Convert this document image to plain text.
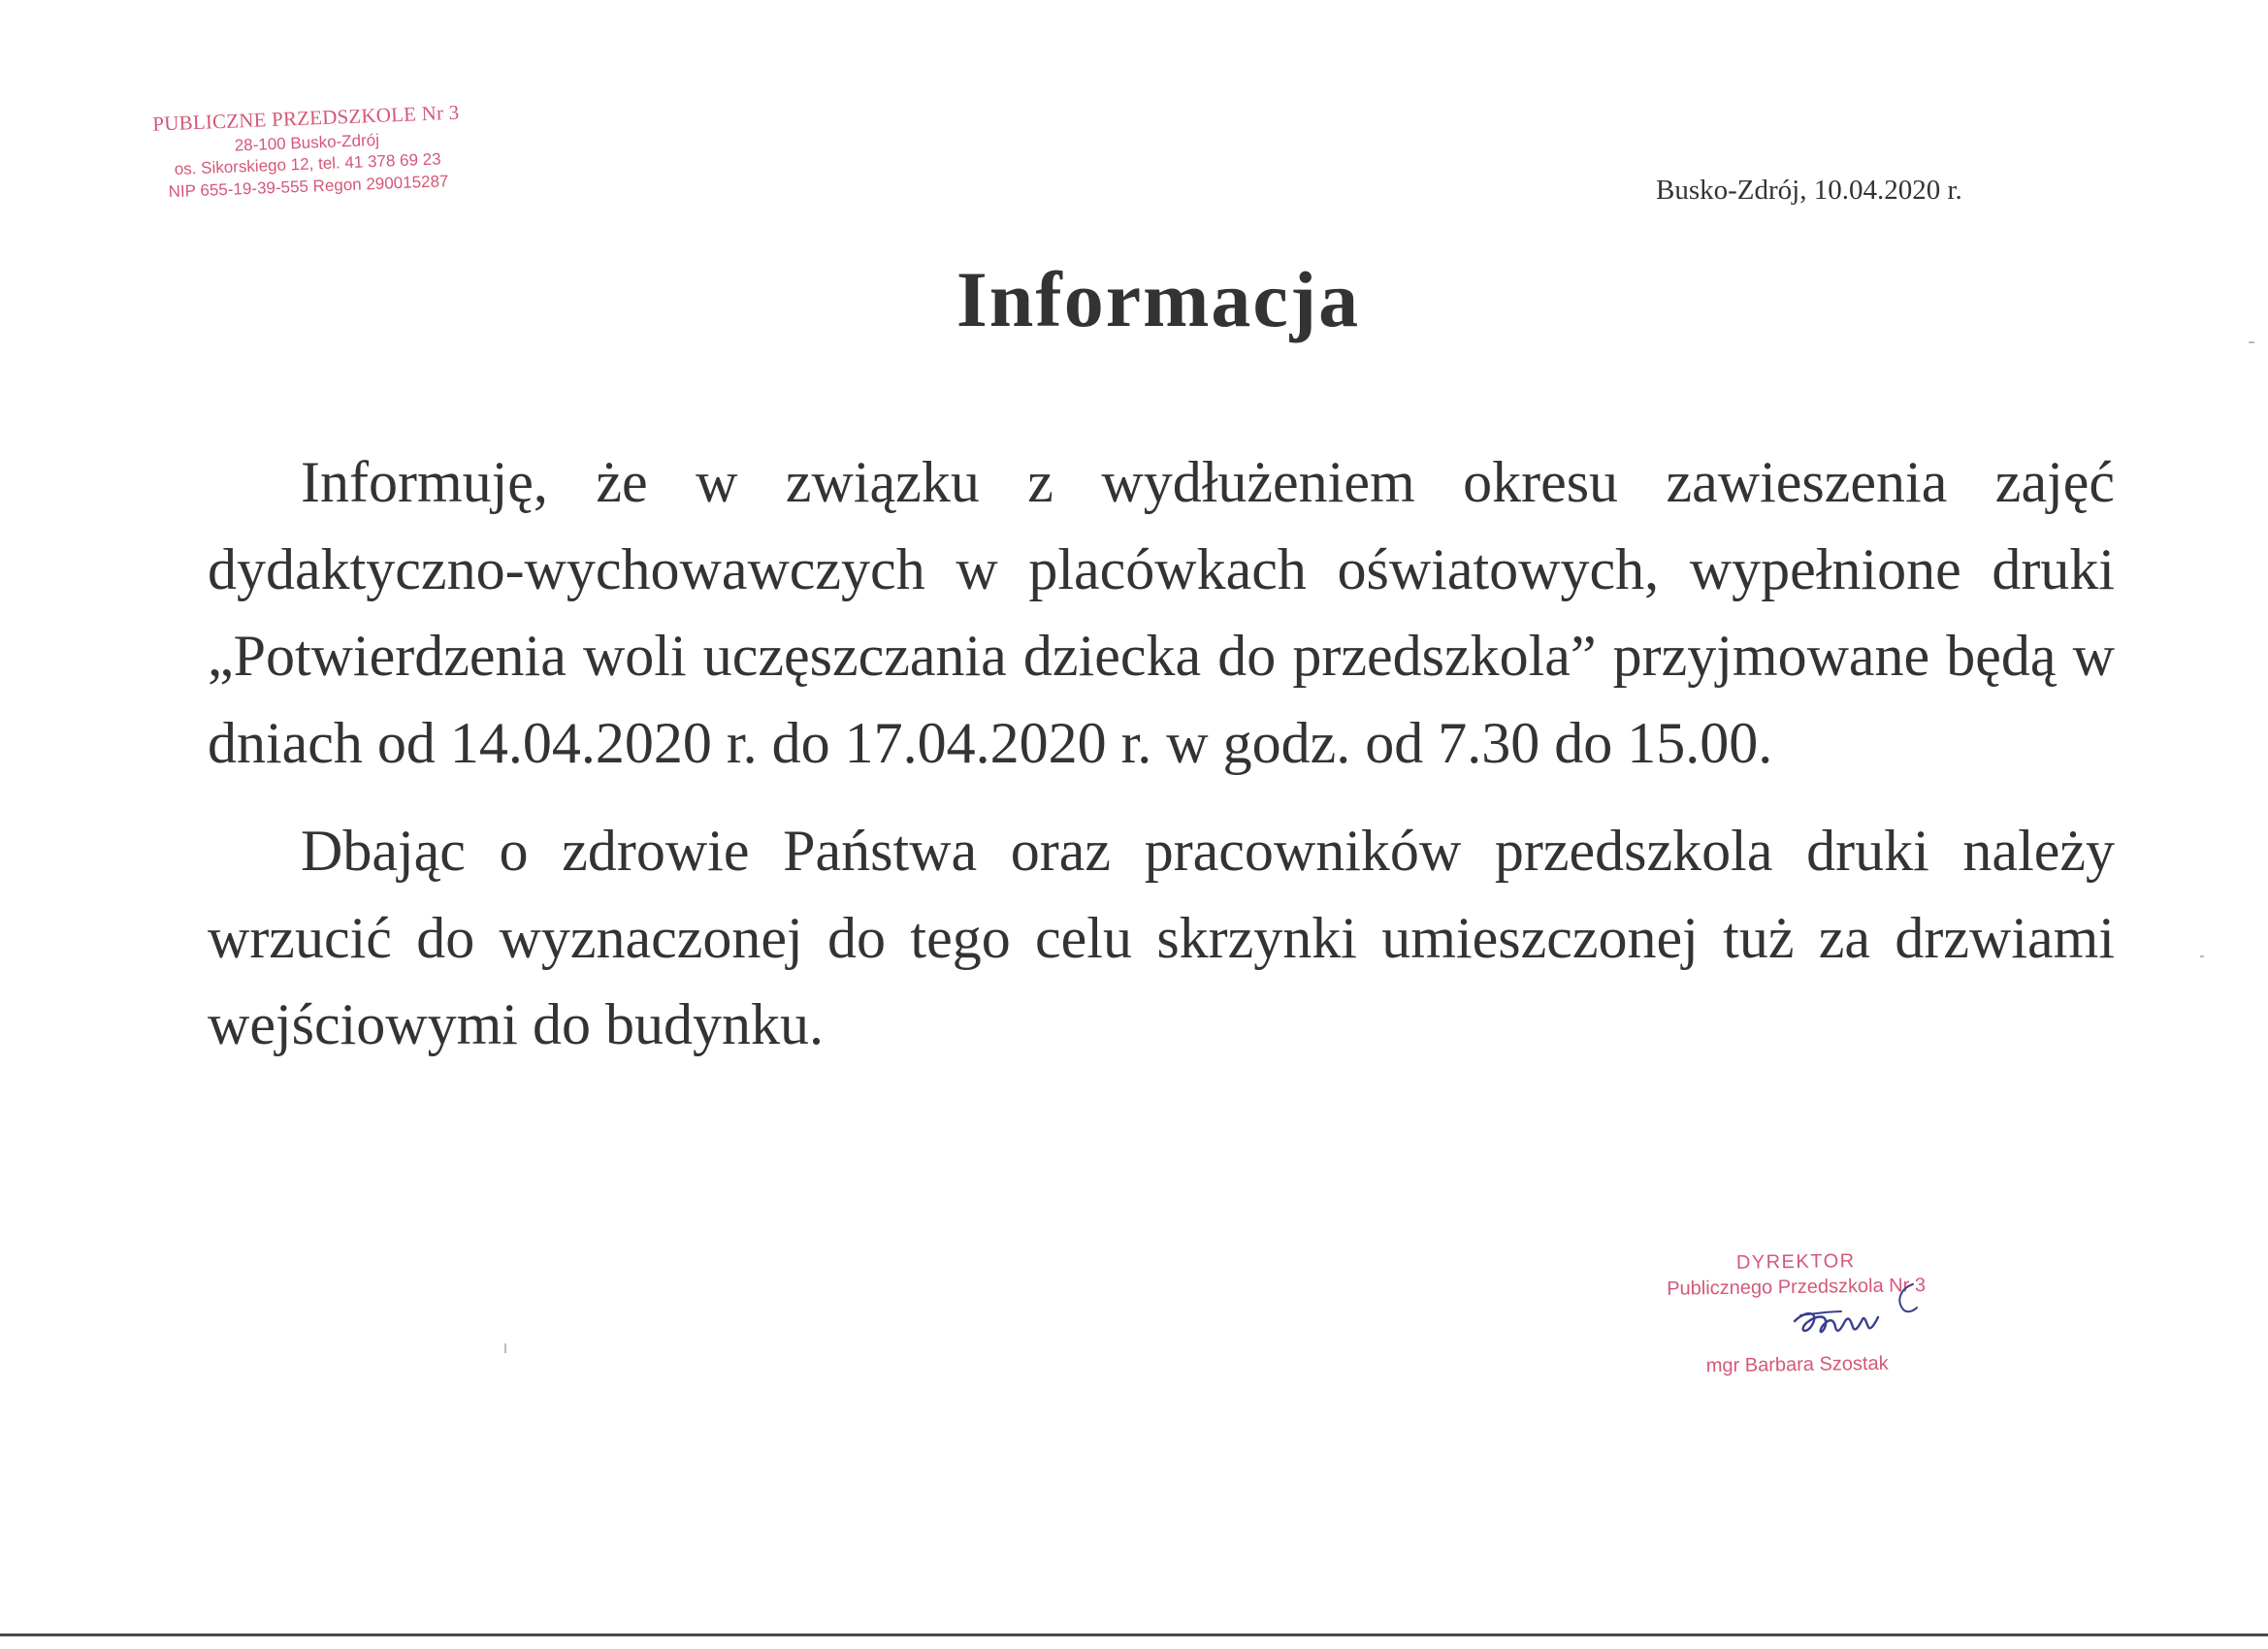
PUBLICZNE PRZEDSZKOLE Nr 3
28-100 Busko-Zdrój
os. Sikorskiego 12, tel. 41 378 69 23
NIP 655-19-39-555 Regon 290015287	Busko-Zdrój, 10.04.2020 r.
Informacja

Informuję, że w związku z wydłużeniem okresu zawieszenia zajęć dydaktyczno-wychowawczych w placówkach oświatowych, wypełnione druki „Potwierdzenia woli uczęszczania dziecka do przedszkola” przyjmowane będą w dniach od 14.04.2020 r. do 17.04.2020 r. w godz. od 7.30 do 15.00.

Dbając o zdrowie Państwa oraz pracowników przedszkola druki należy wrzucić do wyznaczonej do tego celu skrzynki umieszczonej tuż za drzwiami wejściowymi do budynku.

DYREKTOR
Publicznego Przedszkola Nr 3
mgr Barbara Szostak
